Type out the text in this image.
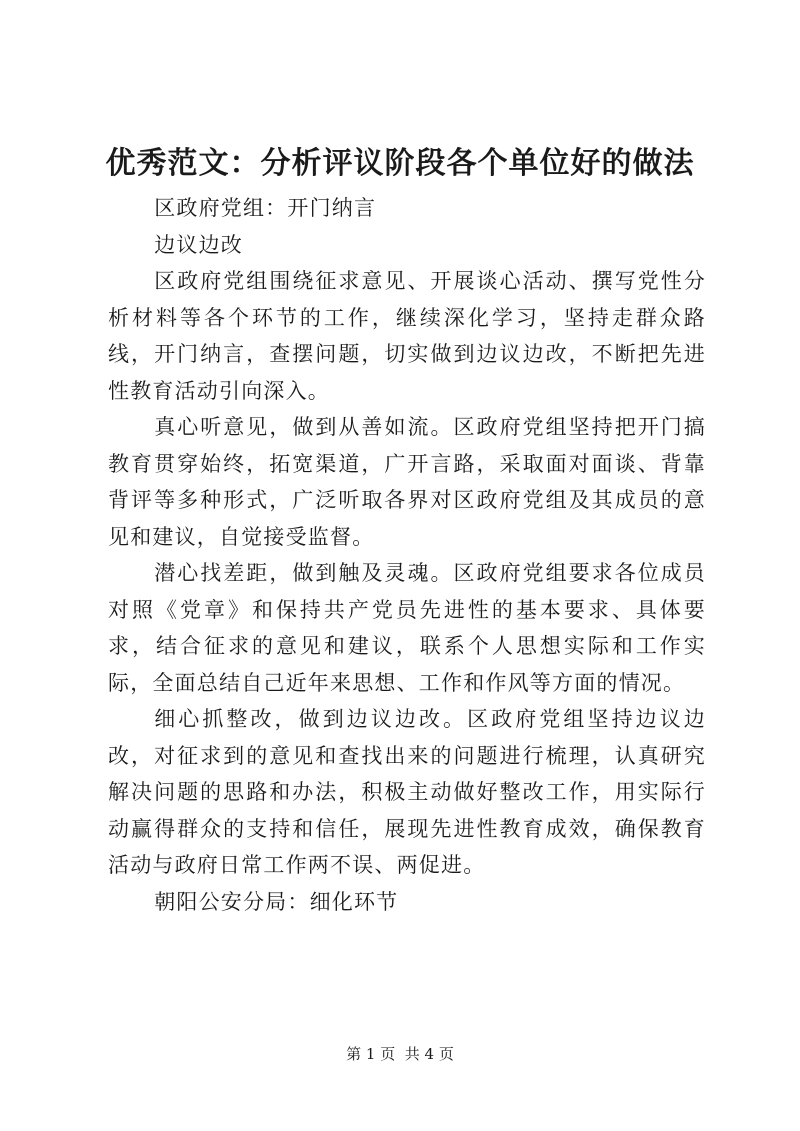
优秀范文：分析评议阶段各个单位好的做法

区政府党组：开门纳言

边议边改

区政府党组围绕征求意见、开展谈心活动、撰写党性分析材料等各个环节的工作，继续深化学习，坚持走群众路线，开门纳言，查摆问题，切实做到边议边改，不断把先进性教育活动引向深入。

真心听意见，做到从善如流。区政府党组坚持把开门搞教育贯穿始终，拓宽渠道，广开言路，采取面对面谈、背靠背评等多种形式，广泛听取各界对区政府党组及其成员的意见和建议，自觉接受监督。

潜心找差距，做到触及灵魂。区政府党组要求各位成员对照《党章》和保持共产党员先进性的基本要求、具体要求，结合征求的意见和建议，联系个人思想实际和工作实际，全面总结自己近年来思想、工作和作风等方面的情况。

细心抓整改，做到边议边改。区政府党组坚持边议边改，对征求到的意见和查找出来的问题进行梳理，认真研究解决问题的思路和办法，积极主动做好整改工作，用实际行动赢得群众的支持和信任，展现先进性教育成效，确保教育活动与政府日常工作两不误、两促进。

朝阳公安分局：细化环节

第 1 页  共 4 页
